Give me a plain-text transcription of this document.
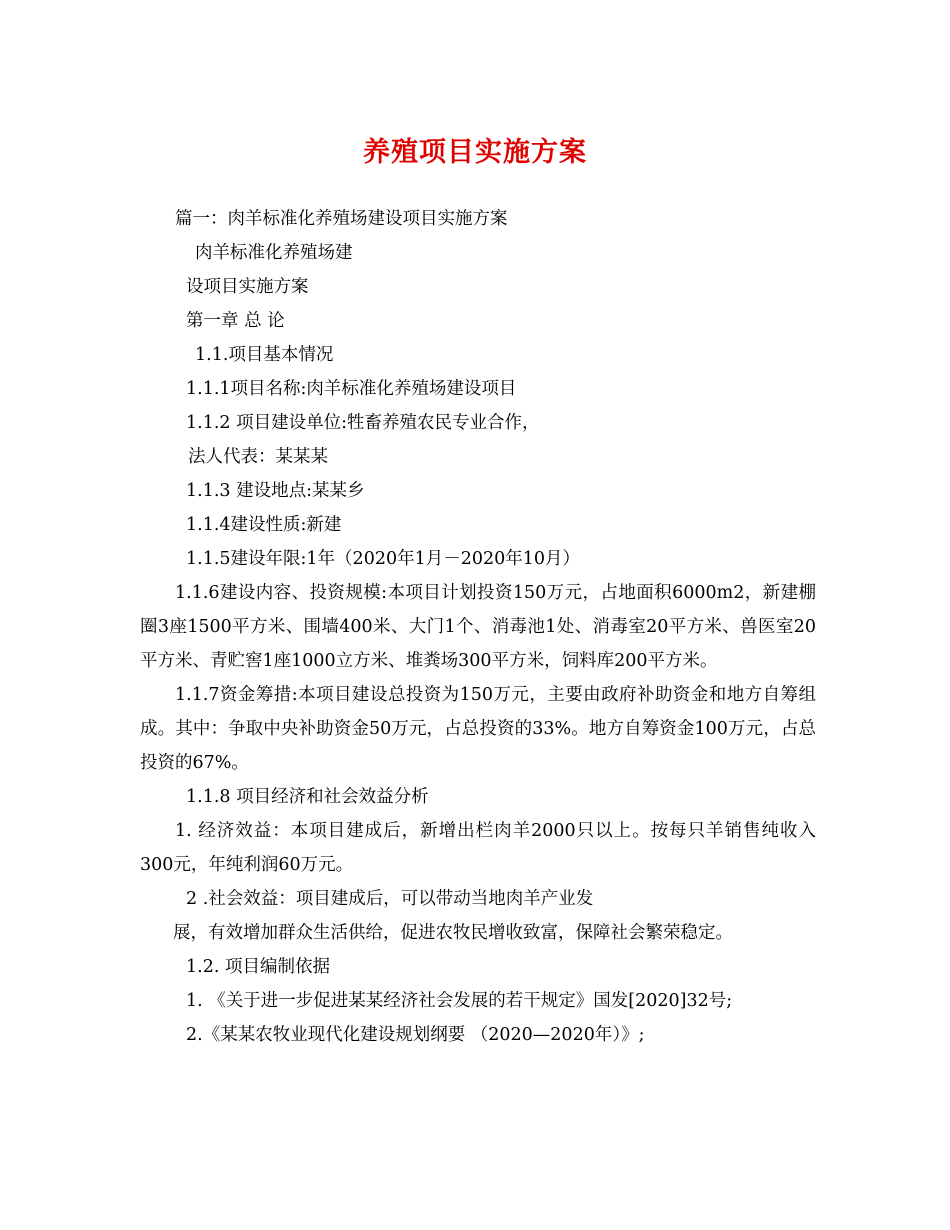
养殖项目实施方案
篇一：肉羊标准化养殖场建设项目实施方案
肉羊标准化养殖场建
设项目实施方案
第一章 总 论
1.1.项目基本情况
1.1.1项目名称:肉羊标准化养殖场建设项目
1.1.2 项目建设单位:牲畜养殖农民专业合作，
法人代表：某某某
1.1.3 建设地点:某某乡
1.1.4建设性质:新建
1.1.5建设年限:1年（2020年1月－2020年10月）
1.1.6建设内容、投资规模:本项目计划投资150万元，占地面积6000m2，新建棚圈3座1500平方米、围墙400米、大门1个、消毒池1处、消毒室20平方米、兽医室20平方米、青贮窖1座1000立方米、堆粪场300平方米，饲料库200平方米。
1.1.7资金筹措:本项目建设总投资为150万元，主要由政府补助资金和地方自筹组成。其中：争取中央补助资金50万元，占总投资的33%。地方自筹资金100万元，占总投资的67%。
1.1.8 项目经济和社会效益分析
1. 经济效益：本项目建成后，新增出栏肉羊2000只以上。按每只羊销售纯收入300元，年纯利润60万元。
2 .社会效益：项目建成后，可以带动当地肉羊产业发
展，有效增加群众生活供给，促进农牧民增收致富，保障社会繁荣稳定。
1.2. 项目编制依据
1. 《关于进一步促进某某经济社会发展的若干规定》国发[2020]32号;
2.《某某农牧业现代化建设规划纲要 （2020—2020年）》;
